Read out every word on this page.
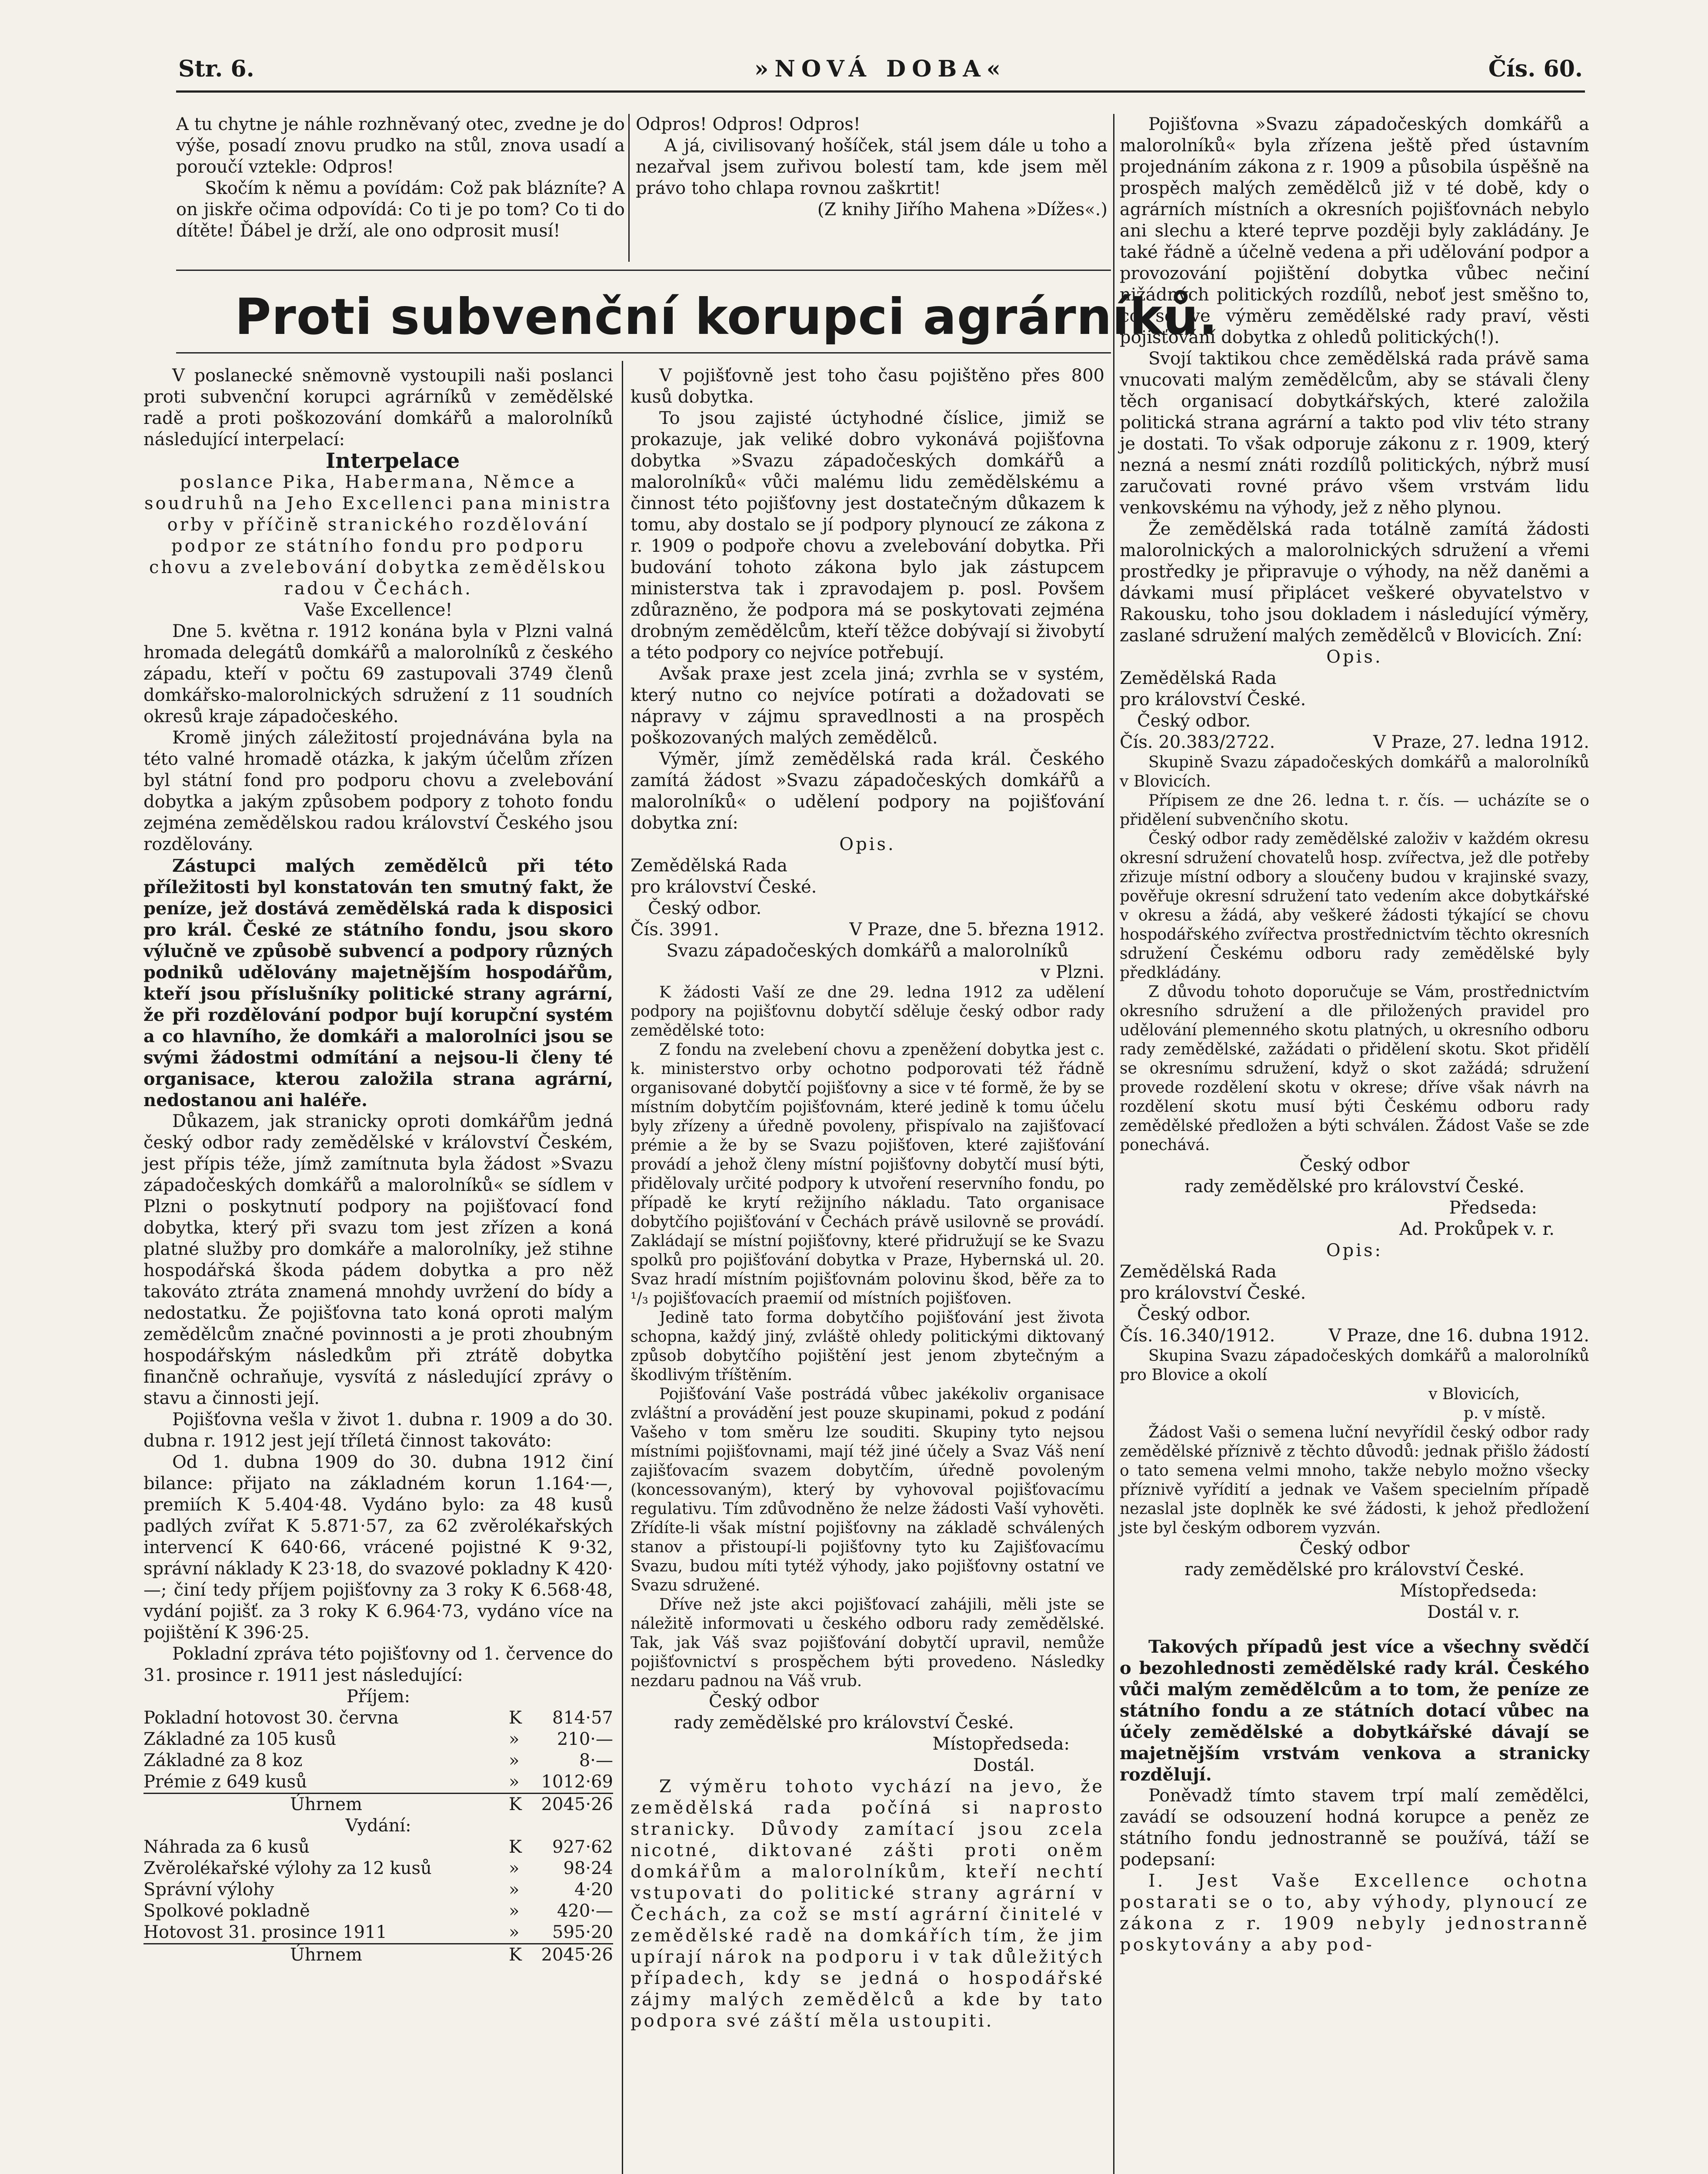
Str. 6.	»NOVÁ DOBA«	Čís. 60.

A tu chytne je náhle rozhněvaný otec, zvedne je do výše, posadí znovu prudko na stůl, znova usadí a poroučí vztekle: Odpros!

Skočím k němu a povídám: Což pak blázníte? A on jiskře očima odpovídá: Co ti je po tom? Co ti do dítěte! Ďábel je drží, ale ono odprosit musí!

Odpros! Odpros! Odpros!

A já, civilisovaný hošíček, stál jsem dále u toho a nezařval jsem zuřivou bolestí tam, kde jsem měl právo toho chlapa rovnou zaškrtit!

(Z knihy Jiřího Mahena »Dížes«.)

Proti subvenční korupci agrárníků.

V poslanecké sněmovně vystoupili naši poslanci proti subvenční korupci agrárníků v zemědělské radě a proti poškozování domkářů a malorolníků následující interpelací:

Interpelace

poslance Pika, Habermana, Němce a soudruhů na Jeho Excellenci pana ministra orby v příčině stranického rozdělování podpor ze státního fondu pro podporu chovu a zvelebování dobytka zemědělskou radou v Čechách.

Vaše Excellence!

Dne 5. května r. 1912 konána byla v Plzni valná hromada delegátů domkářů a malorolníků z českého západu, kteří v počtu 69 zastupovali 3749 členů domkářsko-malorolnických sdružení z 11 soudních okresů kraje západočeského.

Kromě jiných záležitostí projednávána byla na této valné hromadě otázka, k jakým účelům zřízen byl státní fond pro podporu chovu a zvelebování dobytka a jakým způsobem podpory z tohoto fondu zejména zemědělskou radou království Českého jsou rozdělovány.

Zástupci malých zemědělců při této příležitosti byl konstatován ten smutný fakt, že peníze, jež dostává zemědělská rada k disposici pro král. České ze státního fondu, jsou skoro výlučně ve způsobě subvencí a podpory různých podniků udělovány majetnějším hospodářům, kteří jsou příslušníky politické strany agrární, že při rozdělování podpor bují korupční systém a co hlavního, že domkáři a malorolníci jsou se svými žádostmi odmítání a nejsou-li členy té organisace, kterou založila strana agrární, nedostanou ani haléře.

Důkazem, jak stranicky oproti domkářům jedná český odbor rady zemědělské v království Českém, jest přípis téže, jímž zamítnuta byla žádost »Svazu západočeských domkářů a malorolníků« se sídlem v Plzni o poskytnutí podpory na pojišťovací fond dobytka, který při svazu tom jest zřízen a koná platné služby pro domkáře a malorolníky, jež stihne hospodářská škoda pádem dobytka a pro něž takováto ztráta znamená mnohdy uvržení do bídy a nedostatku. Že pojišťovna tato koná oproti malým zemědělcům značné povinnosti a je proti zhoubným hospodářským následkům při ztrátě dobytka finančně ochraňuje, vysvítá z následující zprávy o stavu a činnosti její.

Pojišťovna vešla v život 1. dubna r. 1909 a do 30. dubna r. 1912 jest její tříletá činnost takováto:

Od 1. dubna 1909 do 30. dubna 1912 činí bilance: přijato na základném korun 1.164·—, premiích K 5.404·48. Vydáno bylo: za 48 kusů padlých zvířat K 5.871·57, za 62 zvěrolékařských intervencí K 640·66, vrácené pojistné K 9·32, správní náklady K 23·18, do svazové pokladny K 420·—; činí tedy příjem pojišťovny za 3 roky K 6.568·48, vydání pojišť. za 3 roky K 6.964·73, vydáno více na pojištění K 396·25.

Pokladní zpráva této pojišťovny od 1. července do 31. prosince r. 1911 jest následující:

Příjem:

Pokladní hotovost 30. června	K	814·57
Základné za 105 kusů	»	210·—
Základné za 8 koz	»	8·—
Prémie z 649 kusů	»	1012·69
Úhrnem	K	2045·26

Vydání:

Náhrada za 6 kusů	K	927·62
Zvěrolékařské výlohy za 12 kusů	»	98·24
Správní výlohy	»	4·20
Spolkové pokladně	»	420·—
Hotovost 31. prosince 1911	»	595·20
Úhrnem	K	2045·26

V pojišťovně jest toho času pojištěno přes 800 kusů dobytka.

To jsou zajisté úctyhodné číslice, jimiž se prokazuje, jak veliké dobro vykonává pojišťovna dobytka »Svazu západočeských domkářů a malorolníků« vůči malému lidu zemědělskému a činnost této pojišťovny jest dostatečným důkazem k tomu, aby dostalo se jí podpory plynoucí ze zákona z r. 1909 o podpoře chovu a zvelebování dobytka. Při budování tohoto zákona bylo jak zástupcem ministerstva tak i zpravodajem p. posl. Povšem zdůrazněno, že podpora má se poskytovati zejména drobným zemědělcům, kteří těžce dobývají si živobytí a této podpory co nejvíce potřebují.

Avšak praxe jest zcela jiná; zvrhla se v systém, který nutno co nejvíce potírati a dožadovati se nápravy v zájmu spravedlnosti a na prospěch poškozovaných malých zemědělců.

Výměr, jímž zemědělská rada král. Českého zamítá žádost »Svazu západočeských domkářů a malorolníků« o udělení podpory na pojišťování dobytka zní:

Opis.

Zemědělská Rada

pro království České.

Český odbor.

Čís. 3991.	V Praze, dne 5. března 1912.

Svazu západočeských domkářů a malorolníků

v Plzni.

K žádosti Vaší ze dne 29. ledna 1912 za udělení podpory na pojišťovnu dobytčí sděluje český odbor rady zemědělské toto:

Z fondu na zvelebení chovu a zpeněžení dobytka jest c. k. ministerstvo orby ochotno podporovati též řádně organisované dobytčí pojišťovny a sice v té formě, že by se místním dobytčím pojišťovnám, které jedině k tomu účelu byly zřízeny a úředně povoleny, přispívalo na zajišťovací prémie a že by se Svazu pojišťoven, které zajišťování provádí a jehož členy místní pojišťovny dobytčí musí býti, přidělovaly určité podpory k utvoření reservního fondu, po případě ke krytí režijního nákladu. Tato organisace dobytčího pojišťování v Čechách právě usilovně se provádí. Zakládají se místní pojišťovny, které přidružují se ke Svazu spolků pro pojišťování dobytka v Praze, Hybernská ul. 20. Svaz hradí místním pojišťovnám polovinu škod, běře za to ¹/₃ pojišťovacích praemií od místních pojišťoven.

Jedině tato forma dobytčího pojišťování jest života schopna, každý jiný, zvláště ohledy politickými diktovaný způsob dobytčího pojištění jest jenom zbytečným a škodlivým tříštěním.

Pojišťování Vaše postrádá vůbec jakékoliv organisace zvláštní a provádění jest pouze skupinami, pokud z podání Vašeho v tom směru lze souditi. Skupiny tyto nejsou místními pojišťovnami, mají též jiné účely a Svaz Váš není zajišťovacím svazem dobytčím, úředně povoleným (koncessovaným), který by vyhovoval pojišťovacímu regulativu. Tím zdůvodněno že nelze žádosti Vaší vyhověti. Zřídíte-li však místní pojišťovny na základě schválených stanov a přistoupí-li pojišťovny tyto ku Zajišťovacímu Svazu, budou míti tytéž výhody, jako pojišťovny ostatní ve Svazu sdružené.

Dříve než jste akci pojišťovací zahájili, měli jste se náležitě informovati u českého odboru rady zemědělské. Tak, jak Váš svaz pojišťování dobytčí upravil, nemůže pojišťovnictví s prospěchem býti provedeno. Následky nezdaru padnou na Váš vrub.

Český odbor

rady zemědělské pro království České.

Místopředseda:

Dostál.

Z výměru tohoto vychází na jevo, že zemědělská rada počíná si naprosto stranicky. Důvody zamítací jsou zcela nicotné, diktované zášti proti oněm domkářům a malorolníkům, kteří nechtí vstupovati do politické strany agrární v Čechách, za což se mstí agrární činitelé v zemědělské radě na domkářích tím, že jim upírají nárok na podporu i v tak důležitých případech, kdy se jedná o hospodářské zájmy malých zemědělců a kde by tato podpora své záští měla ustoupiti.

Pojišťovna »Svazu západočeských domkářů a malorolníků« byla zřízena ještě před ústavním projednáním zákona z r. 1909 a působila úspěšně na prospěch malých zemědělců již v té době, kdy o agrárních místních a okresních pojišťovnách nebylo ani slechu a které teprve později byly zakládány. Je také řádně a účelně vedena a při udělování podpor a provozování pojištění dobytka vůbec nečiní nižádných politických rozdílů, neboť jest směšno to, co se ve výměru zemědělské rady praví, věsti pojišťování dobytka z ohledů politických(!).

Svojí taktikou chce zemědělská rada právě sama vnucovati malým zemědělcům, aby se stávali členy těch organisací dobytkářských, které založila politická strana agrární a takto pod vliv této strany je dostati. To však odporuje zákonu z r. 1909, který nezná a nesmí znáti rozdílů politických, nýbrž musí zaručovati rovné právo všem vrstvám lidu venkovskému na výhody, jež z něho plynou.

Že zemědělská rada totálně zamítá žádosti malorolnických a malorolnických sdružení a vřemi prostředky je připravuje o výhody, na něž daněmi a dávkami musí připlácet veškeré obyvatelstvo v Rakousku, toho jsou dokladem i následující výměry, zaslané sdružení malých zemědělců v Blovicích. Zní:

Opis.

Zemědělská Rada

pro království České.

Český odbor.

Čís. 20.383/2722.	V Praze, 27. ledna 1912.

Skupině Svazu západočeských domkářů a malorolníků v Blovicích.

Přípisem ze dne 26. ledna t. r. čís. — ucházíte se o přidělení subvenčního skotu.

Český odbor rady zemědělské založiv v každém okresu okresní sdružení chovatelů hosp. zvířectva, jež dle potřeby zřizuje místní odbory a sloučeny budou v krajinské svazy, pověřuje okresní sdružení tato vedením akce dobytkářské v okresu a žádá, aby veškeré žádosti týkající se chovu hospodářského zvířectva prostřednictvím těchto okresních sdružení Českému odboru rady zemědělské byly předkládány.

Z důvodu tohoto doporučuje se Vám, prostřednictvím okresního sdružení a dle přiložených pravidel pro udělování plemenného skotu platných, u okresního odboru rady zemědělské, zažádati o přidělení skotu. Skot přidělí se okresnímu sdružení, když o skot zažádá; sdružení provede rozdělení skotu v okrese; dříve však návrh na rozdělení skotu musí býti Českému odboru rady zemědělské předložen a býti schválen. Žádost Vaše se zde ponechává.

Český odbor

rady zemědělské pro království České.

Předseda:

Ad. Prokůpek v. r.

Opis:

Zemědělská Rada

pro království České.

Český odbor.

Čís. 16.340/1912.	V Praze, dne 16. dubna 1912.

Skupina Svazu západočeských domkářů a malorolníků pro Blovice a okolí

v Blovicích,

p. v místě.

Žádost Vaši o semena luční nevyřídil český odbor rady zemědělské příznivě z těchto důvodů: jednak přišlo žádostí o tato semena velmi mnoho, takže nebylo možno všecky příznivě vyřídití a jednak ve Vašem specielním případě nezaslal jste doplněk ke své žádosti, k jehož předložení jste byl českým odborem vyzván.

Český odbor

rady zemědělské pro království České.

Místopředseda:

Dostál v. r.

Takových případů jest více a všechny svědčí o bezohlednosti zemědělské rady král. Českého vůči malým zemědělcům a to tom, že peníze ze státního fondu a ze státních dotací vůbec na účely zemědělské a dobytkářské dávají se majetnějším vrstvám venkova a stranicky rozdělují.

Poněvadž tímto stavem trpí malí zemědělci, zavádí se odsouzení hodná korupce a peněz ze státního fondu jednostranně se používá, táží se podepsaní:

I. Jest Vaše Excellence ochotna postarati se o to, aby výhody, plynoucí ze zákona z r. 1909 nebyly jednostranně poskytovány a aby pod-
